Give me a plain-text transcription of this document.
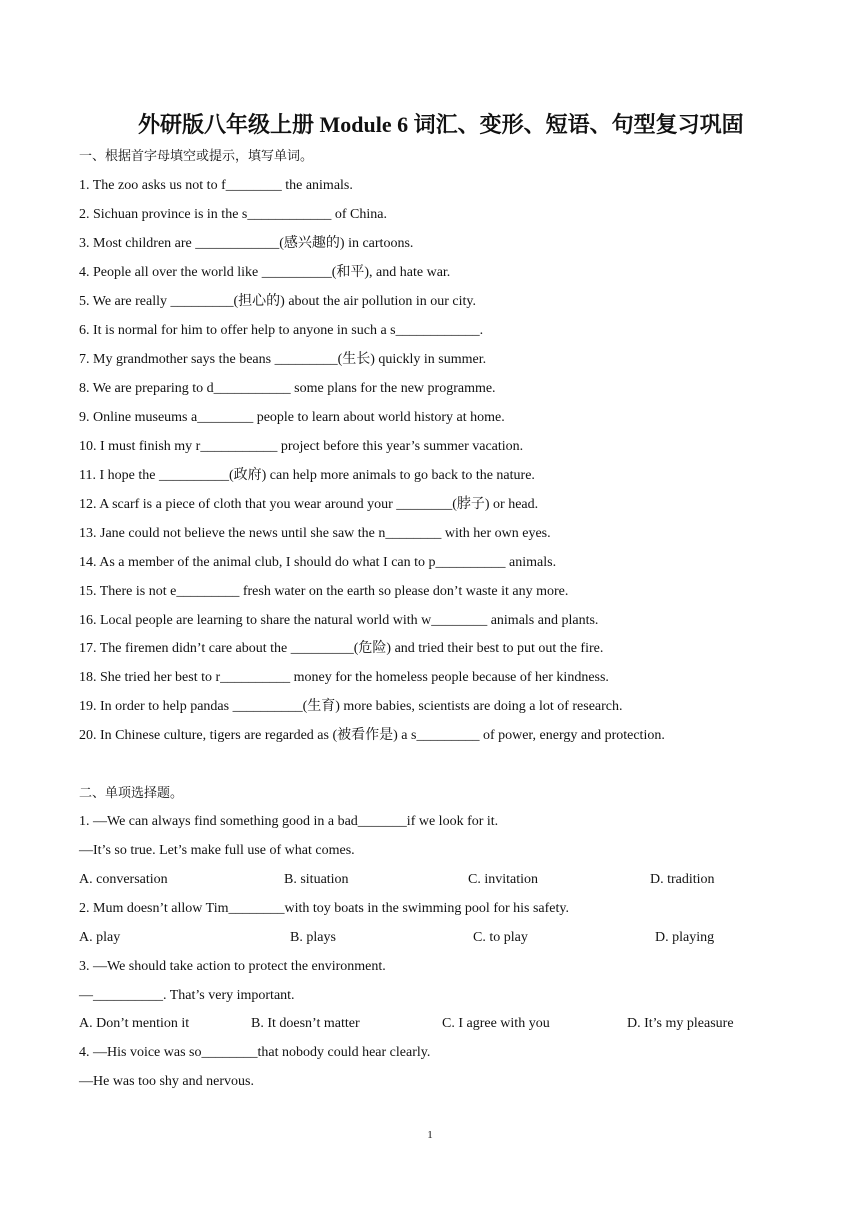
外研版八年级上册 Module 6 词汇、变形、短语、句型复习巩固
一、根据首字母填空或提示，填写单词。
1. The zoo asks us not to f________ the animals.
2. Sichuan province is in the s____________ of China.
3. Most children are ____________(感兴趣的) in cartoons.
4. People all over the world like __________(和平), and hate war.
5. We are really _________(担心的) about the air pollution in our city.
6. It is normal for him to offer help to anyone in such a s____________.
7. My grandmother says the beans _________(生长) quickly in summer.
8. We are preparing to d___________ some plans for the new programme.
9. Online museums a________ people to learn about world history at home.
10. I must finish my r___________ project before this year’s summer vacation.
11. I hope the __________(政府) can help more animals to go back to the nature.
12. A scarf is a piece of cloth that you wear around your ________(脖子) or head.
13. Jane could not believe the news until she saw the n________ with her own eyes.
14. As a member of the animal club, I should do what I can to p__________ animals.
15. There is not e_________ fresh water on the earth so please don’t waste it any more.
16. Local people are learning to share the natural world with w________ animals and plants.
17. The firemen didn’t care about the _________(危险) and tried their best to put out the fire.
18. She tried her best to r__________ money for the homeless people because of her kindness.
19. In order to help pandas __________(生育) more babies, scientists are doing a lot of research.
20. In Chinese culture, tigers are regarded as (被看作是) a s_________ of power, energy and protection.
二、单项选择题。
1. —We can always find something good in a bad_______if we look for it.
—It’s so true. Let’s make full use of what comes.
A. conversation	B. situation	C. invitation	D. tradition
2. Mum doesn’t allow Tim________with toy boats in the swimming pool for his safety.
A. play	B. plays	C. to play	D. playing
3. —We should take action to protect the environment.
—__________. That’s very important.
A. Don’t mention it	B. It doesn’t matter	C. I agree with you	D. It’s my pleasure
4. —His voice was so________that nobody could hear clearly.
—He was too shy and nervous.
1
